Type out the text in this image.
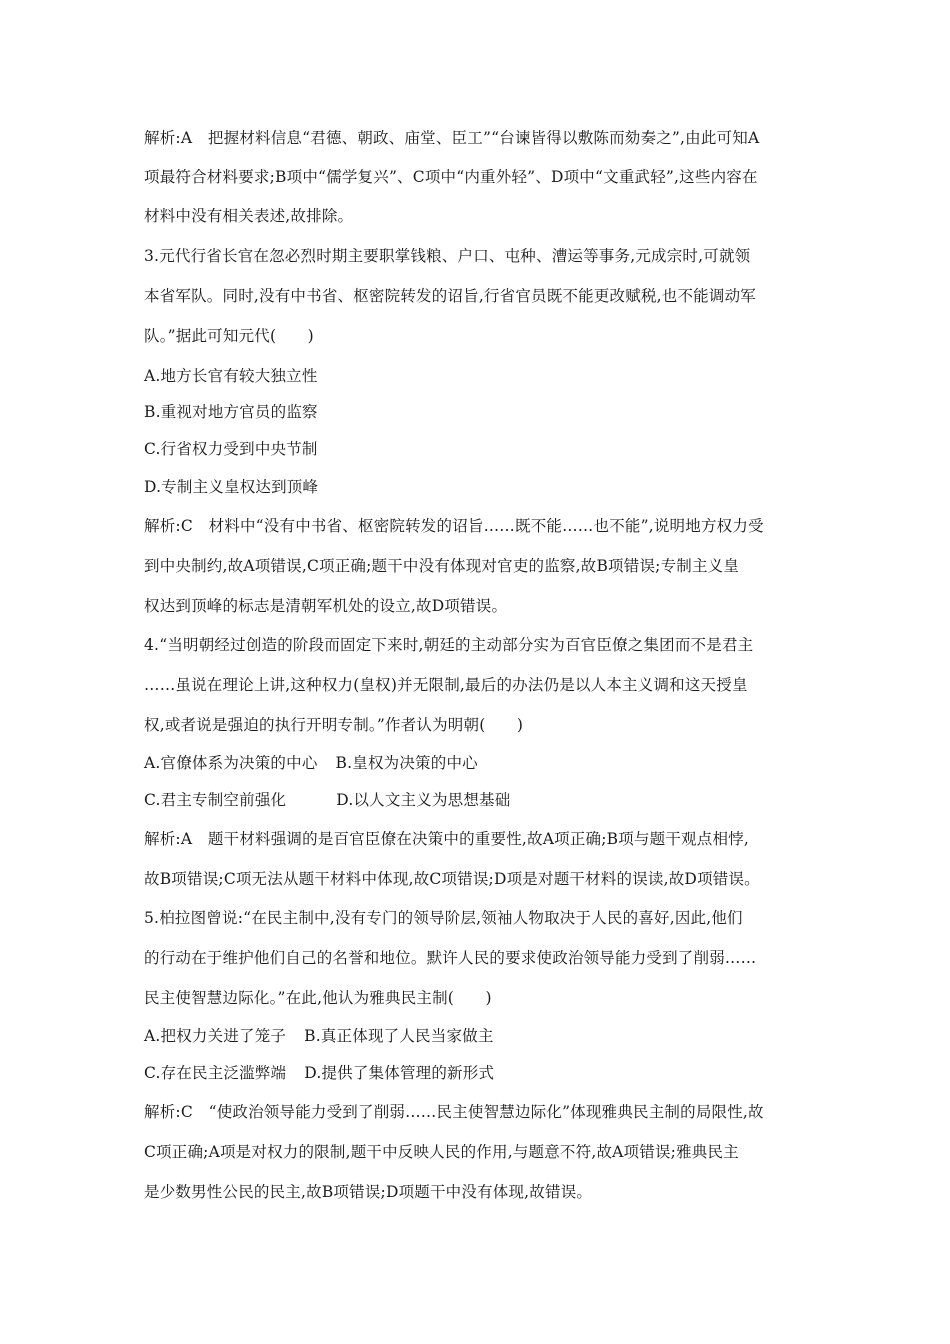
解析:A　把握材料信息“君德、朝政、庙堂、臣工”“台谏皆得以敷陈而劾奏之”,由此可知A
项最符合材料要求;B项中“儒学复兴”、C项中“内重外轻”、D项中“文重武轻”,这些内容在
材料中没有相关表述,故排除。
3.元代行省长官在忽必烈时期主要职掌钱粮、户口、屯种、漕运等事务,元成宗时,可就领
本省军队。同时,没有中书省、枢密院转发的诏旨,行省官员既不能更改赋税,也不能调动军
队。”据此可知元代(　　)
A.地方长官有较大独立性
B.重视对地方官员的监察
C.行省权力受到中央节制
D.专制主义皇权达到顶峰
解析:C　材料中“没有中书省、枢密院转发的诏旨……既不能……也不能”,说明地方权力受
到中央制约,故A项错误,C项正确;题干中没有体现对官吏的监察,故B项错误;专制主义皇
权达到顶峰的标志是清朝军机处的设立,故D项错误。
4.“当明朝经过创造的阶段而固定下来时,朝廷的主动部分实为百官臣僚之集团而不是君主
……虽说在理论上讲,这种权力(皇权)并无限制,最后的办法仍是以人本主义调和这天授皇
权,或者说是强迫的执行开明专制。”作者认为明朝(　　)
A.官僚体系为决策的中心 B.皇权为决策的中心
C.君主专制空前强化	D.以人文主义为思想基础
解析:A　题干材料强调的是百官臣僚在决策中的重要性,故A项正确;B项与题干观点相悖,
故B项错误;C项无法从题干材料中体现,故C项错误;D项是对题干材料的误读,故D项错误。
5.柏拉图曾说:“在民主制中,没有专门的领导阶层,领袖人物取决于人民的喜好,因此,他们
的行动在于维护他们自己的名誉和地位。默许人民的要求使政治领导能力受到了削弱……
民主使智慧边际化。”在此,他认为雅典民主制(　　)
A.把权力关进了笼子 B.真正体现了人民当家做主
C.存在民主泛滥弊端 D.提供了集体管理的新形式
解析:C　“使政治领导能力受到了削弱……民主使智慧边际化”体现雅典民主制的局限性,故
C项正确;A项是对权力的限制,题干中反映人民的作用,与题意不符,故A项错误;雅典民主
是少数男性公民的民主,故B项错误;D项题干中没有体现,故错误。
